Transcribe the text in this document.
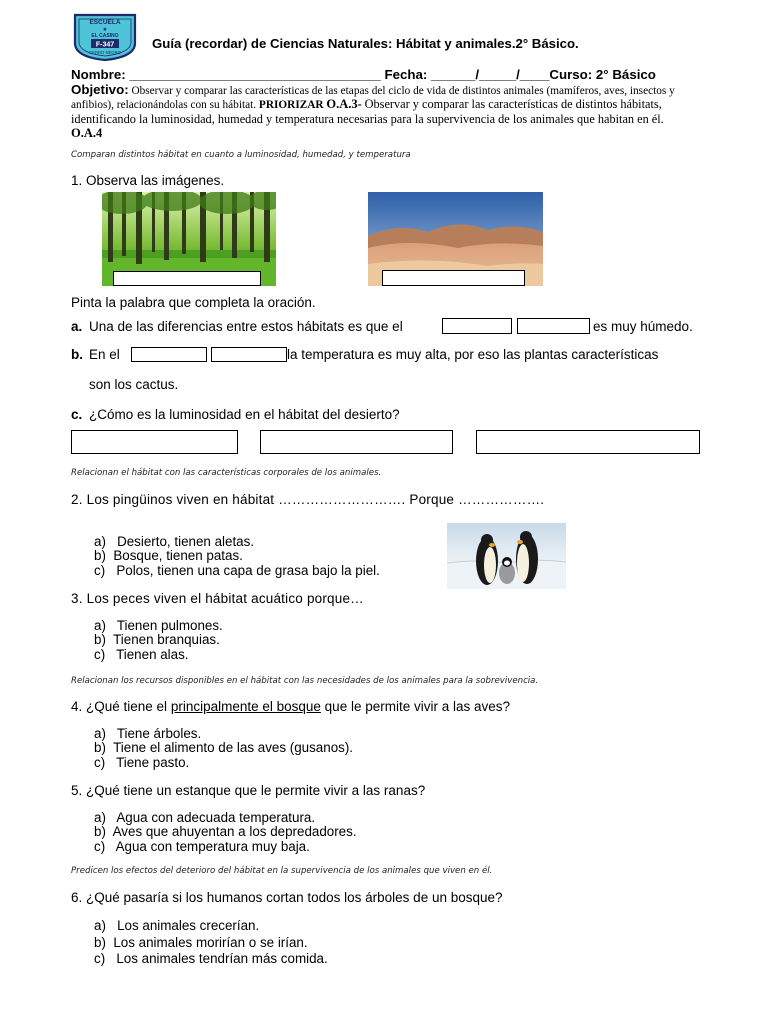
ESCUELA
★
EL CASINO
F-347
CERRO NEGRO
Guía (recordar) de Ciencias Naturales: Hábitat y animales.2° Básico.
Nombre: __________________________________ Fecha: ______/_____/____Curso: 2° Básico
Objetivo: Observar y comparar las características de las etapas del ciclo de vida de distintos animales (mamíferos, aves, insectos y anfibios), relacionándolas con su hábitat. PRIORIZAR O.A.3- Observar y comparar las características de distintos hábitats, identificando la luminosidad, humedad y temperatura necesarias para la supervivencia de los animales que habitan en él. O.A.4
Comparan distintos hábitat en cuanto a luminosidad, humedad, y temperatura
1. Observa las imágenes.
Pinta la palabra que completa la oración.
a. Una de las diferencias entre estos hábitats es que el	es muy húmedo.
b. En el	la temperatura es muy alta, por eso las plantas características
son los cactus.
c. ¿Cómo es la luminosidad en el hábitat del desierto?
Relacionan el hábitat con las características corporales de los animales.
2. Los pingüinos viven en hábitat ………………………. Porque ……………….
a)   Desierto, tienen aletas.
b)  Bosque, tienen patas.
c)   Polos, tienen una capa de grasa bajo la piel.
3. Los peces viven el hábitat acuático porque…
a)   Tienen pulmones.
b)  Tienen branquias.
c)   Tienen alas.
Relacionan los recursos disponibles en el hábitat con las necesidades de los animales para la sobrevivencia.
4. ¿Qué tiene el principalmente el bosque que le permite vivir a las aves?
a)   Tiene árboles.
b)  Tiene el alimento de las aves (gusanos).
c)   Tiene pasto.
5. ¿Qué tiene un estanque que le permite vivir a las ranas?
a)   Agua con adecuada temperatura.
b)  Aves que ahuyentan a los depredadores.
c)   Agua con temperatura muy baja.
Predicen los efectos del deterioro del hábitat en la supervivencia de los animales que viven en él.
6. ¿Qué pasaría si los humanos cortan todos los árboles de un bosque?
a)   Los animales crecerían.
b)  Los animales morirían o se irían.
c)   Los animales tendrían más comida.
